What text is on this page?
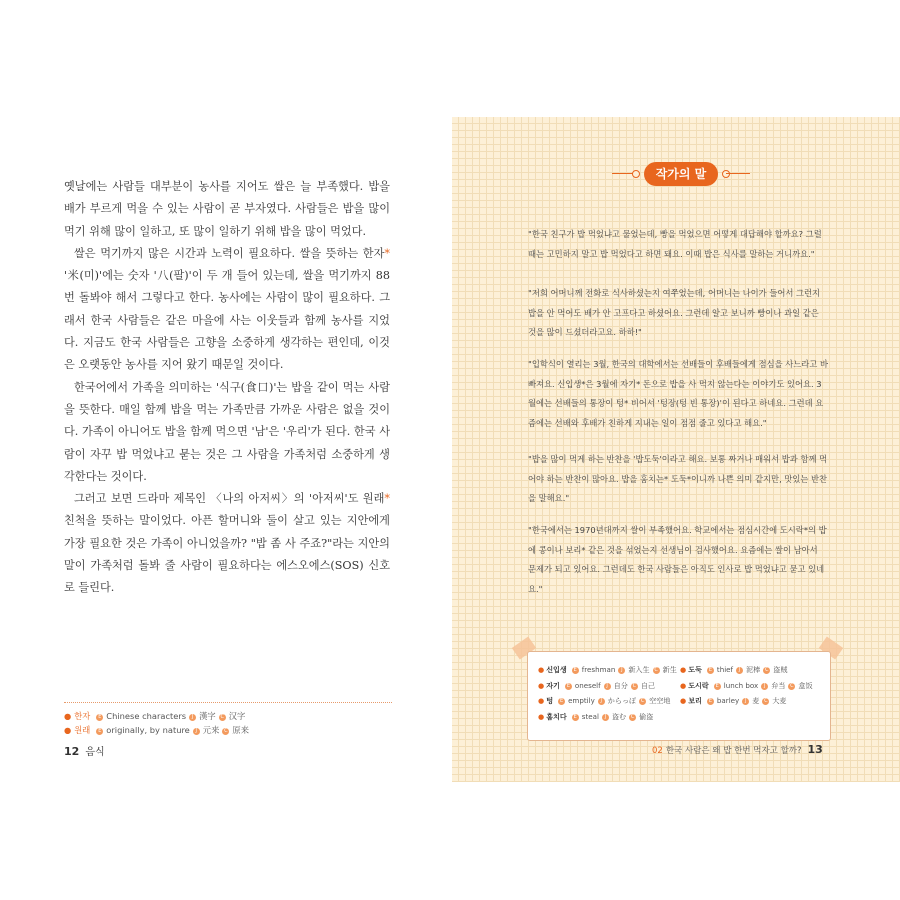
옛날에는 사람들 대부분이 농사를 지어도 쌀은 늘 부족했다. 밥을 배가 부르게 먹을 수 있는 사람이 곧 부자였다. 사람들은 밥을 많이 먹기 위해 많이 일하고, 또 많이 일하기 위해 밥을 많이 먹었다.

쌀은 먹기까지 많은 시간과 노력이 필요하다. 쌀을 뜻하는 한자* '米(미)'에는 숫자 '八(팔)'이 두 개 들어 있는데, 쌀을 먹기까지 88번 돌봐야 해서 그렇다고 한다. 농사에는 사람이 많이 필요하다. 그래서 한국 사람들은 같은 마을에 사는 이웃들과 함께 농사를 지었다. 지금도 한국 사람들은 고향을 소중하게 생각하는 편인데, 이것은 오랫동안 농사를 지어 왔기 때문일 것이다.

한국어에서 가족을 의미하는 '식구(食口)'는 밥을 같이 먹는 사람을 뜻한다. 매일 함께 밥을 먹는 가족만큼 가까운 사람은 없을 것이다. 가족이 아니어도 밥을 함께 먹으면 '남'은 '우리'가 된다. 한국 사람이 자꾸 밥 먹었냐고 묻는 것은 그 사람을 가족처럼 소중하게 생각한다는 것이다.

그러고 보면 드라마 제목인 〈나의 아저씨〉의 '아저씨'도 원래* 친척을 뜻하는 말이었다. 아픈 할머니와 둘이 살고 있는 지안에게 가장 필요한 것은 가족이 아니었을까? "밥 좀 사 주죠?"라는 지안의 말이 가족처럼 돌봐 줄 사람이 필요하다는 에스오에스(SOS) 신호로 들린다.

● 한자 E Chinese characters J 漢字 C 汉字
● 원래 E originally, by nature J 元来 C 原来
12 음식
작가의 말
"한국 친구가 밥 먹었냐고 물었는데, 빵을 먹었으면 어떻게 대답해야 할까요? 그럴 때는 고민하지 말고 밥 먹었다고 하면 돼요. 이때 밥은 식사를 말하는 거니까요."
"저희 어머니께 전화로 식사하셨는지 여쭈었는데, 어머니는 나이가 들어서 그런지 밥을 안 먹어도 배가 안 고프다고 하셨어요. 그런데 알고 보니까 빵이나 과일 같은 것을 많이 드셨더라고요. 하하!"
"입학식이 열리는 3월, 한국의 대학에서는 선배들이 후배들에게 점심을 사느라고 바빠져요. 신입생*은 3월에 자기* 돈으로 밥을 사 먹지 않는다는 이야기도 있어요. 3월에는 선배들의 통장이 텅* 비어서 '텅장(텅 빈 통장)'이 된다고 하네요. 그런데 요즘에는 선배와 후배가 친하게 지내는 일이 점점 줄고 있다고 해요."
"밥을 많이 먹게 하는 반찬을 '밥도둑'이라고 해요. 보통 짜거나 매워서 밥과 함께 먹어야 하는 반찬이 많아요. 밥을 훔치는* 도둑*이니까 나쁜 의미 같지만, 맛있는 반찬을 말해요."
"한국에서는 1970년대까지 쌀이 부족했어요. 학교에서는 점심시간에 도시락*의 밥에 콩이나 보리* 같은 것을 섞었는지 선생님이 검사했어요. 요즘에는 쌀이 남아서 문제가 되고 있어요. 그런데도 한국 사람들은 아직도 인사로 밥 먹었냐고 묻고 있네요."
● 신입생 E freshman J 新入生 C 新生
● 자기 E oneself J 自分 C 自己
● 텅 E emptily J からっぽ C 空空地
● 훔치다 E steal J 盗む C 偷盗
● 도둑 E thief J 泥棒 C 盗贼
● 도시락 E lunch box J 弁当 C 盒饭
● 보리 E barley J 麦 C 大麦
02 한국 사람은 왜 밥 한번 먹자고 할까? 13
